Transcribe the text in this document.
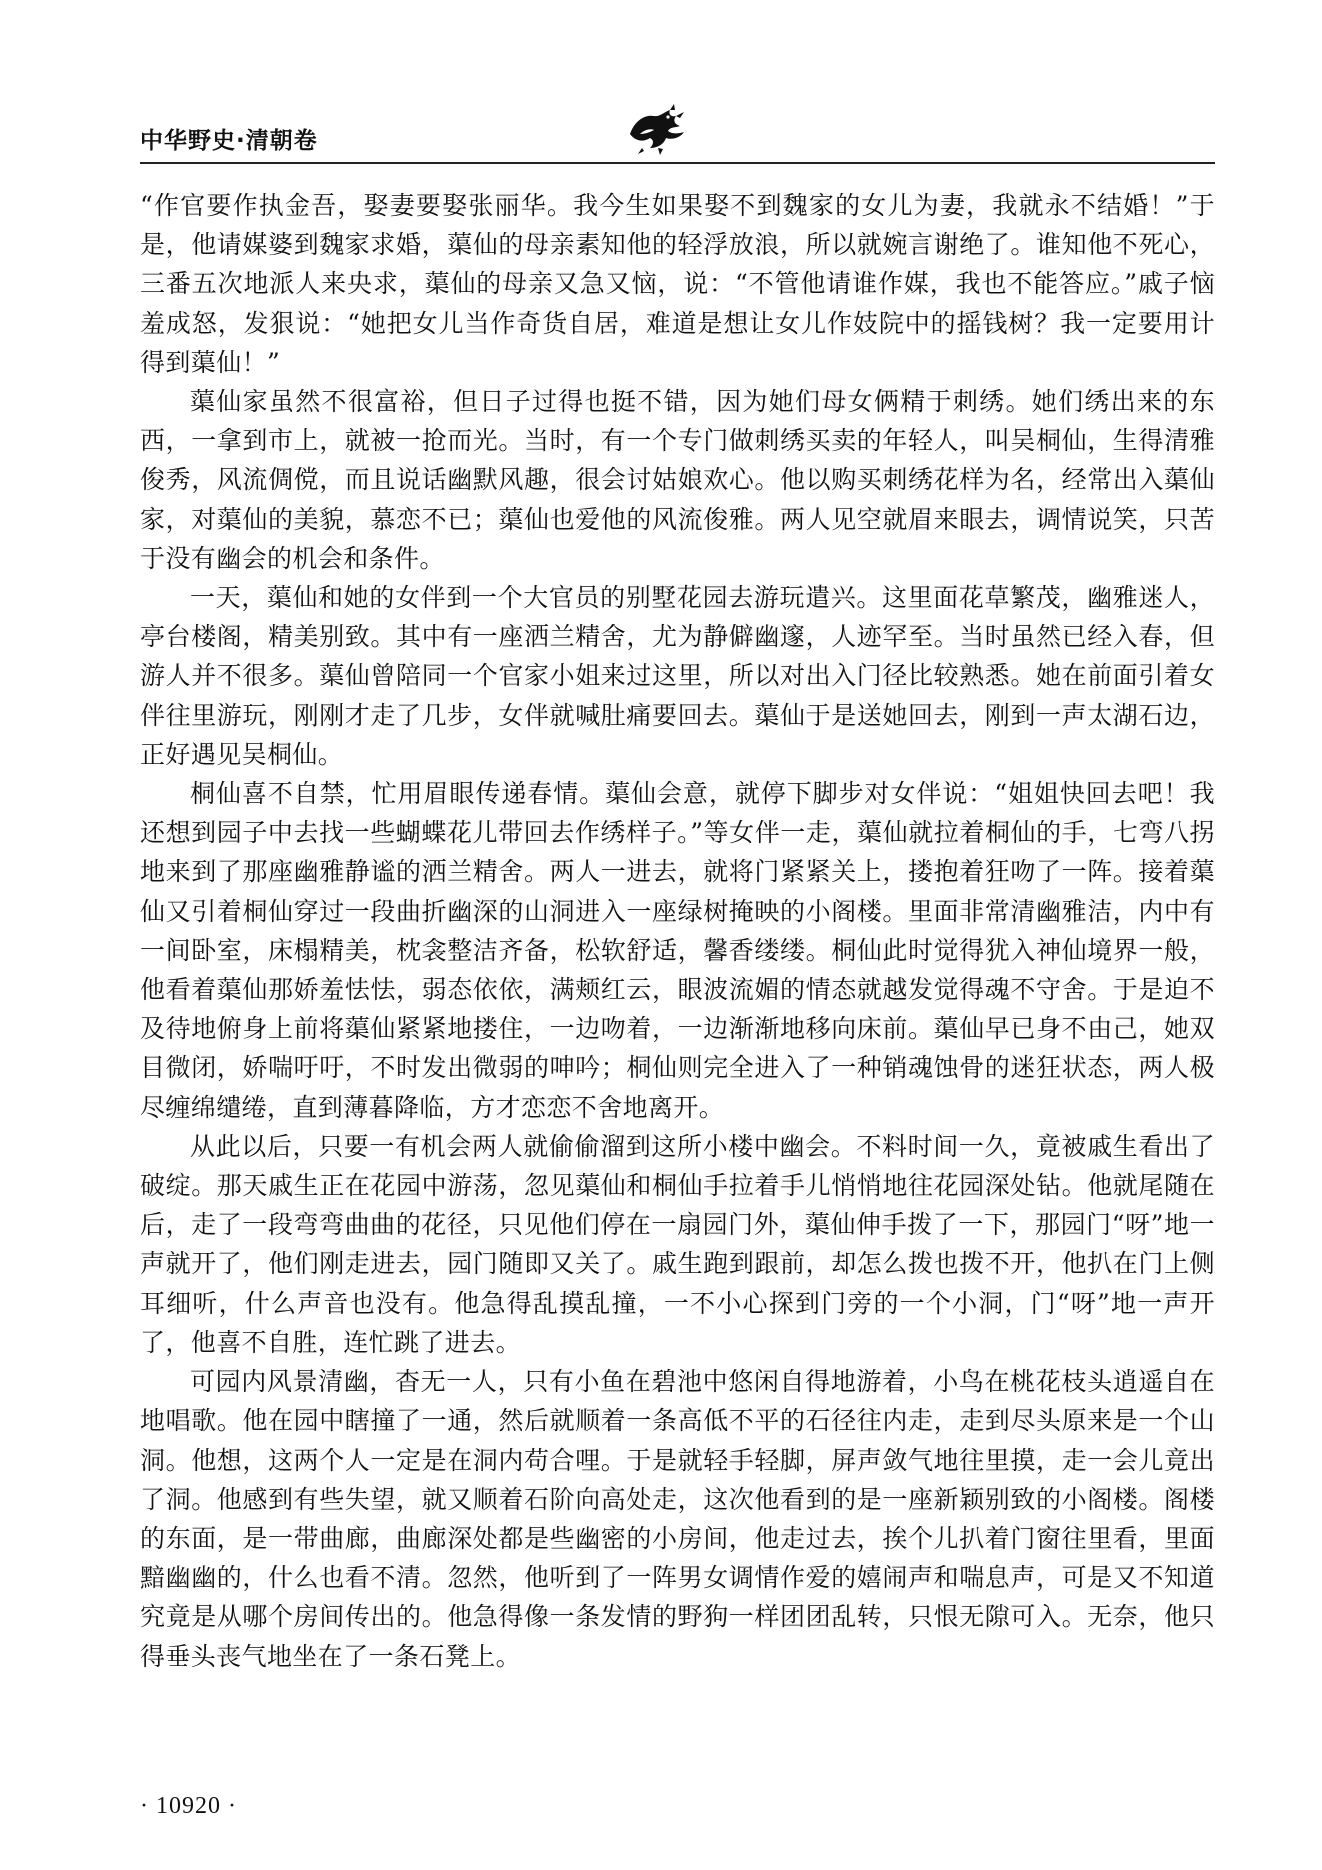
中华野史·清朝卷

“作官要作执金吾，娶妻要娶张丽华。我今生如果娶不到魏家的女儿为妻，我就永不结婚！”于是，他请媒婆到魏家求婚，蕖仙的母亲素知他的轻浮放浪，所以就婉言谢绝了。谁知他不死心，三番五次地派人来央求，蕖仙的母亲又急又恼，说：“不管他请谁作媒，我也不能答应。”戚子恼羞成怒，发狠说：“她把女儿当作奇货自居，难道是想让女儿作妓院中的摇钱树？我一定要用计得到蕖仙！”

蕖仙家虽然不很富裕，但日子过得也挺不错，因为她们母女俩精于刺绣。她们绣出来的东西，一拿到市上，就被一抢而光。当时，有一个专门做刺绣买卖的年轻人，叫吴桐仙，生得清雅俊秀，风流倜傥，而且说话幽默风趣，很会讨姑娘欢心。他以购买刺绣花样为名，经常出入蕖仙家，对蕖仙的美貌，慕恋不已；蕖仙也爱他的风流俊雅。两人见空就眉来眼去，调情说笑，只苦于没有幽会的机会和条件。

一天，蕖仙和她的女伴到一个大官员的别墅花园去游玩遣兴。这里面花草繁茂，幽雅迷人，亭台楼阁，精美别致。其中有一座洒兰精舍，尤为静僻幽邃，人迹罕至。当时虽然已经入春，但游人并不很多。蕖仙曾陪同一个官家小姐来过这里，所以对出入门径比较熟悉。她在前面引着女伴往里游玩，刚刚才走了几步，女伴就喊肚痛要回去。蕖仙于是送她回去，刚到一声太湖石边，正好遇见吴桐仙。

桐仙喜不自禁，忙用眉眼传递春情。蕖仙会意，就停下脚步对女伴说：“姐姐快回去吧！我还想到园子中去找一些蝴蝶花儿带回去作绣样子。”等女伴一走，蕖仙就拉着桐仙的手，七弯八拐地来到了那座幽雅静谧的洒兰精舍。两人一进去，就将门紧紧关上，搂抱着狂吻了一阵。接着蕖仙又引着桐仙穿过一段曲折幽深的山洞进入一座绿树掩映的小阁楼。里面非常清幽雅洁，内中有一间卧室，床榻精美，枕衾整洁齐备，松软舒适，馨香缕缕。桐仙此时觉得犹入神仙境界一般，他看着蕖仙那娇羞怯怯，弱态依依，满颊红云，眼波流媚的情态就越发觉得魂不守舍。于是迫不及待地俯身上前将蕖仙紧紧地搂住，一边吻着，一边渐渐地移向床前。蕖仙早已身不由己，她双目微闭，娇喘吁吁，不时发出微弱的呻吟；桐仙则完全进入了一种销魂蚀骨的迷狂状态，两人极尽缠绵缱绻，直到薄暮降临，方才恋恋不舍地离开。

从此以后，只要一有机会两人就偷偷溜到这所小楼中幽会。不料时间一久，竟被戚生看出了破绽。那天戚生正在花园中游荡，忽见蕖仙和桐仙手拉着手儿悄悄地往花园深处钻。他就尾随在后，走了一段弯弯曲曲的花径，只见他们停在一扇园门外，蕖仙伸手拨了一下，那园门“呀”地一声就开了，他们刚走进去，园门随即又关了。戚生跑到跟前，却怎么拨也拨不开，他扒在门上侧耳细听，什么声音也没有。他急得乱摸乱撞，一不小心探到门旁的一个小洞，门“呀”地一声开了，他喜不自胜，连忙跳了进去。

可园内风景清幽，杳无一人，只有小鱼在碧池中悠闲自得地游着，小鸟在桃花枝头逍遥自在地唱歌。他在园中瞎撞了一通，然后就顺着一条高低不平的石径往内走，走到尽头原来是一个山洞。他想，这两个人一定是在洞内苟合哩。于是就轻手轻脚，屏声敛气地往里摸，走一会儿竟出了洞。他感到有些失望，就又顺着石阶向高处走，这次他看到的是一座新颖别致的小阁楼。阁楼的东面，是一带曲廊，曲廊深处都是些幽密的小房间，他走过去，挨个儿扒着门窗往里看，里面黯幽幽的，什么也看不清。忽然，他听到了一阵男女调情作爱的嬉闹声和喘息声，可是又不知道究竟是从哪个房间传出的。他急得像一条发情的野狗一样团团乱转，只恨无隙可入。无奈，他只得垂头丧气地坐在了一条石凳上。

· 10920 ·
